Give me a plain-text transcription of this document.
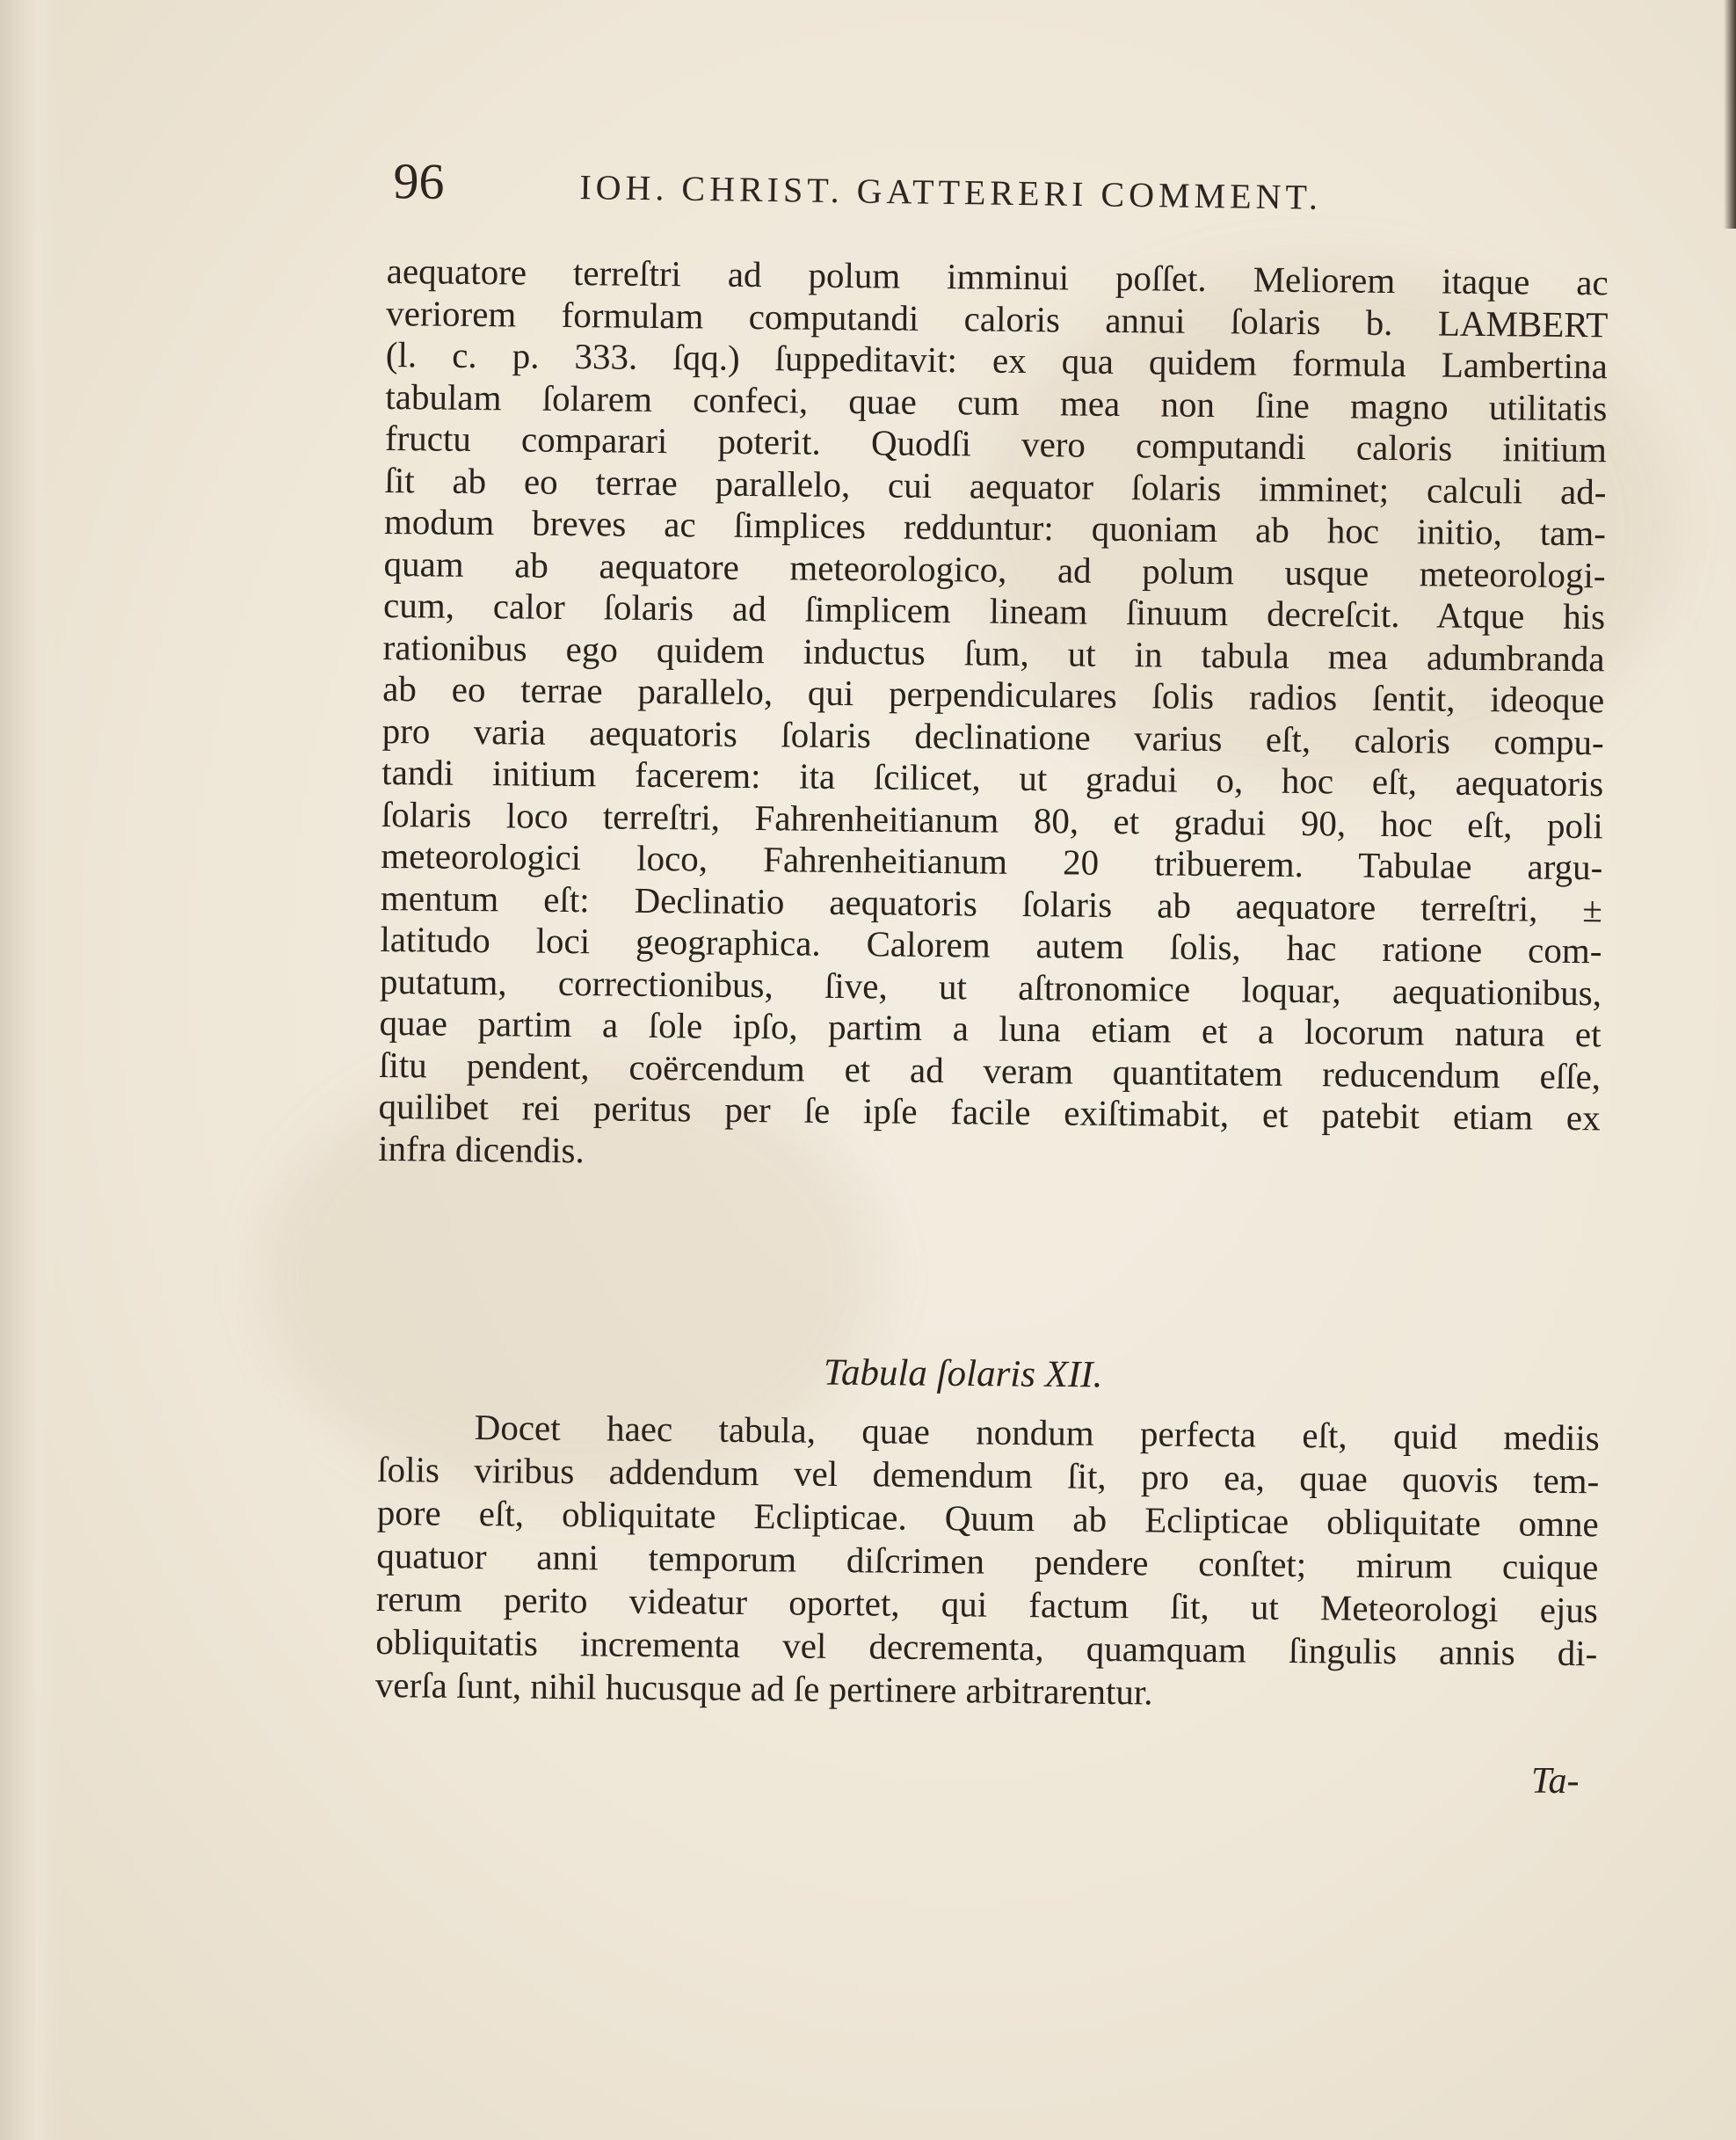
96	IOH. CHRIST. GATTERERI COMMENT.
aequatore terreſtri ad polum imminui poſſet. Meliorem itaque ac
veriorem formulam computandi caloris annui ſolaris b. LAMBERT
(l. c. p. 333. ſqq.) ſuppeditavit: ex qua quidem formula Lambertina
tabulam ſolarem confeci, quae cum mea non ſine magno utilitatis
fructu comparari poterit. Quodſi vero computandi caloris initium
ſit ab eo terrae parallelo, cui aequator ſolaris imminet; calculi ad-
modum breves ac ſimplices redduntur: quoniam ab hoc initio, tam-
quam ab aequatore meteorologico, ad polum usque meteorologi-
cum, calor ſolaris ad ſimplicem lineam ſinuum decreſcit. Atque his
rationibus ego quidem inductus ſum, ut in tabula mea adumbranda
ab eo terrae parallelo, qui perpendiculares ſolis radios ſentit, ideoque
pro varia aequatoris ſolaris declinatione varius eſt, caloris compu-
tandi initium facerem: ita ſcilicet, ut gradui o, hoc eſt, aequatoris
ſolaris loco terreſtri, Fahrenheitianum 80, et gradui 90, hoc eſt, poli
meteorologici loco, Fahrenheitianum 20 tribuerem. Tabulae argu-
mentum eſt: Declinatio aequatoris ſolaris ab aequatore terreſtri, ±
latitudo loci geographica. Calorem autem ſolis, hac ratione com-
putatum, correctionibus, ſive, ut aſtronomice loquar, aequationibus,
quae partim a ſole ipſo, partim a luna etiam et a locorum natura et
ſitu pendent, coërcendum et ad veram quantitatem reducendum eſſe,
quilibet rei peritus per ſe ipſe facile exiſtimabit, et patebit etiam ex
infra dicendis.
Tabula ſolaris XII.
Docet haec tabula, quae nondum perfecta eſt, quid mediis
ſolis viribus addendum vel demendum ſit, pro ea, quae quovis tem-
pore eſt, obliquitate Eclipticae. Quum ab Eclipticae obliquitate omne
quatuor anni temporum diſcrimen pendere conſtet; mirum cuique
rerum perito videatur oportet, qui factum ſit, ut Meteorologi ejus
obliquitatis incrementa vel decrementa, quamquam ſingulis annis di-
verſa ſunt, nihil hucusque ad ſe pertinere arbitrarentur.
Ta-
